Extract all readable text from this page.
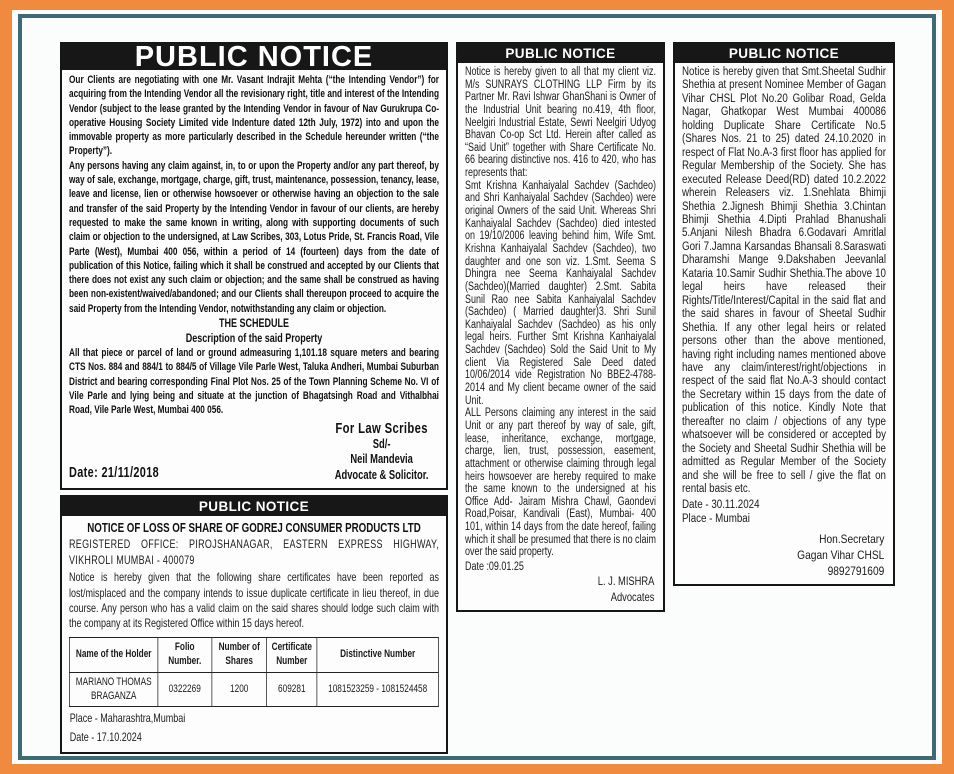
PUBLIC NOTICE

Our Clients are negotiating with one Mr. Vasant Indrajit Mehta (“the Intending Vendor”) for acquiring from the Intending Vendor all the revisionary right, title and interest of the Intending Vendor (subject to the lease granted by the Intending Vendor in favour of Nav Gurukrupa Co-operative Housing Society Limited vide Indenture dated 12th July, 1972) into and upon the immovable property as more particularly described in the Schedule hereunder written (“the Property”).

Any persons having any claim against, in, to or upon the Property and/or any part thereof, by way of sale, exchange, mortgage, charge, gift, trust, maintenance, possession, tenancy, lease, leave and license, lien or otherwise howsoever or otherwise having an objection to the sale and transfer of the said Property by the Intending Vendor in favour of our clients, are hereby requested to make the same known in writing, along with supporting documents of such claim or objection to the undersigned, at Law Scribes, 303, Lotus Pride, St. Francis Road, Vile Parte (West), Mumbai 400 056, within a period of 14 (fourteen) days from the date of publication of this Notice, failing which it shall be construed and accepted by our Clients that there does not exist any such claim or objection; and the same shall be construed as having been non-existent/waived/abandoned; and our Clients shall thereupon proceed to acquire the said Property from the Intending Vendor, notwithstanding any claim or objection.

THE SCHEDULE
Description of the said Property

All that piece or parcel of land or ground admeasuring 1,101.18 square meters and bearing CTS Nos. 884 and 884/1 to 884/5 of Village Vile Parle West, Taluka Andheri, Mumbai Suburban District and bearing corresponding Final Plot Nos. 25 of the Town Planning Scheme No. VI of Vile Parle and lying being and situate at the junction of Bhagatsingh Road and Vithalbhai Road, Vile Parle West, Mumbai 400 056.

Date: 21/11/2018
For Law Scribes
Sd/-
Neil Mandevia
Advocate & Solicitor.
PUBLIC NOTICE
NOTICE OF LOSS OF SHARE OF GODREJ CONSUMER PRODUCTS LTD
REGISTERED OFFICE: PIROJSHANAGAR, EASTERN EXPRESS HIGHWAY, VIKHROLI MUMBAI - 400079

Notice is hereby given that the following share certificates have been reported as lost/misplaced and the company intends to issue duplicate certificate in lieu thereof, in due course. Any person who has a valid claim on the said shares should lodge such claim with the company at its Registered Office within 15 days hereof.

Name of the Holder	Folio Number.	Number of Shares	Certificate Number	Distinctive Number
MARIANO THOMAS BRAGANZA	0322269	1200	609281	1081523259 - 1081524458
Place - Maharashtra,Mumbai
Date - 17.10.2024
PUBLIC NOTICE

Notice is hereby given to all that my client viz. M/s SUNRAYS CLOTHING LLP Firm by its Partner Mr. Ravi Ishwar GhanShani is Owner of the Industrial Unit bearing no.419, 4th floor, Neelgiri Industrial Estate, Sewri Neelgiri Udyog Bhavan Co-op Sct Ltd. Herein after called as “Said Unit” together with Share Certificate No. 66 bearing distinctive nos. 416 to 420, who has represents that:

Smt Krishna Kanhaiyalal Sachdev (Sachdeo) and Shri Kanhaiyalal Sachdev (Sachdeo) were original Owners of the said Unit. Whereas Shri Kanhaiyalal Sachdev (Sachdeo) died intested on 19/10/2006 leaving behind him, Wife Smt. Krishna Kanhaiyalal Sachdev (Sachdeo), two daughter and one son viz. 1.Smt. Seema S Dhingra nee Seema Kanhaiyalal Sachdev (Sachdeo)(Married daughter) 2.Smt. Sabita Sunil Rao nee Sabita Kanhaiyalal Sachdev (Sachdeo) ( Married daughter)3. Shri Sunil Kanhaiyalal Sachdev (Sachdeo) as his only legal heirs. Further Smt Krishna Kanhaiyalal Sachdev (Sachdeo) Sold the Said Unit to My client Via Registered Sale Deed dated 10/06/2014 vide Registration No BBE2-4788-2014 and My client became owner of the said Unit.

ALL Persons claiming any interest in the said Unit or any part thereof by way of sale, gift, lease, inheritance, exchange, mortgage, charge, lien, trust, possession, easement, attachment or otherwise claiming through legal heirs howsoever are hereby required to make the same known to the undersigned at his Office Add- Jairam Mishra Chawl, Gaondevi Road,Poisar, Kandivali (East), Mumbai- 400 101, within 14 days from the date hereof, failing which it shall be presumed that there is no claim over the said property.

Date :09.01.25
L. J. MISHRA
Advocates
PUBLIC NOTICE

Notice is hereby given that Smt.Sheetal Sudhir Shethia at present Nominee Member of Gagan Vihar CHSL Plot No.20 Golibar Road, Gelda Nagar, Ghatkopar West Mumbai 400086 holding Duplicate Share Certificate No.5 (Shares Nos. 21 to 25) dated 24.10.2020 in respect of Flat No.A-3 first floor has applied for Regular Membership of the Society. She has executed Release Deed(RD) dated 10.2.2022 wherein Releasers viz. 1.Snehlata Bhimji Shethia 2.Jignesh Bhimji Shethia 3.Chintan Bhimji Shethia 4.Dipti Prahlad Bhanushali 5.Anjani Nilesh Bhadra 6.Godavari Amritlal Gori 7.Jamna Karsandas Bhansali 8.Saraswati Dharamshi Mange 9.Dakshaben Jeevanlal Kataria 10.Samir Sudhir Shethia.The above 10 legal heirs have released their Rights/Title/Interest/Capital in the said flat and the said shares in favour of Sheetal Sudhir Shethia. If any other legal heirs or related persons other than the above mentioned, having right including names mentioned above have any claim/interest/right/objections in respect of the said flat No.A-3 should contact the Secretary within 15 days from the date of publication of this notice. Kindly Note that thereafter no claim / objections of any type whatsoever will be considered or accepted by the Society and Sheetal Sudhir Shethia will be admitted as Regular Member of the Society and she will be free to sell / give the flat on rental basis etc.

Date - 30.11.2024
Place - Mumbai
Hon.Secretary
Gagan Vihar CHSL
9892791609
